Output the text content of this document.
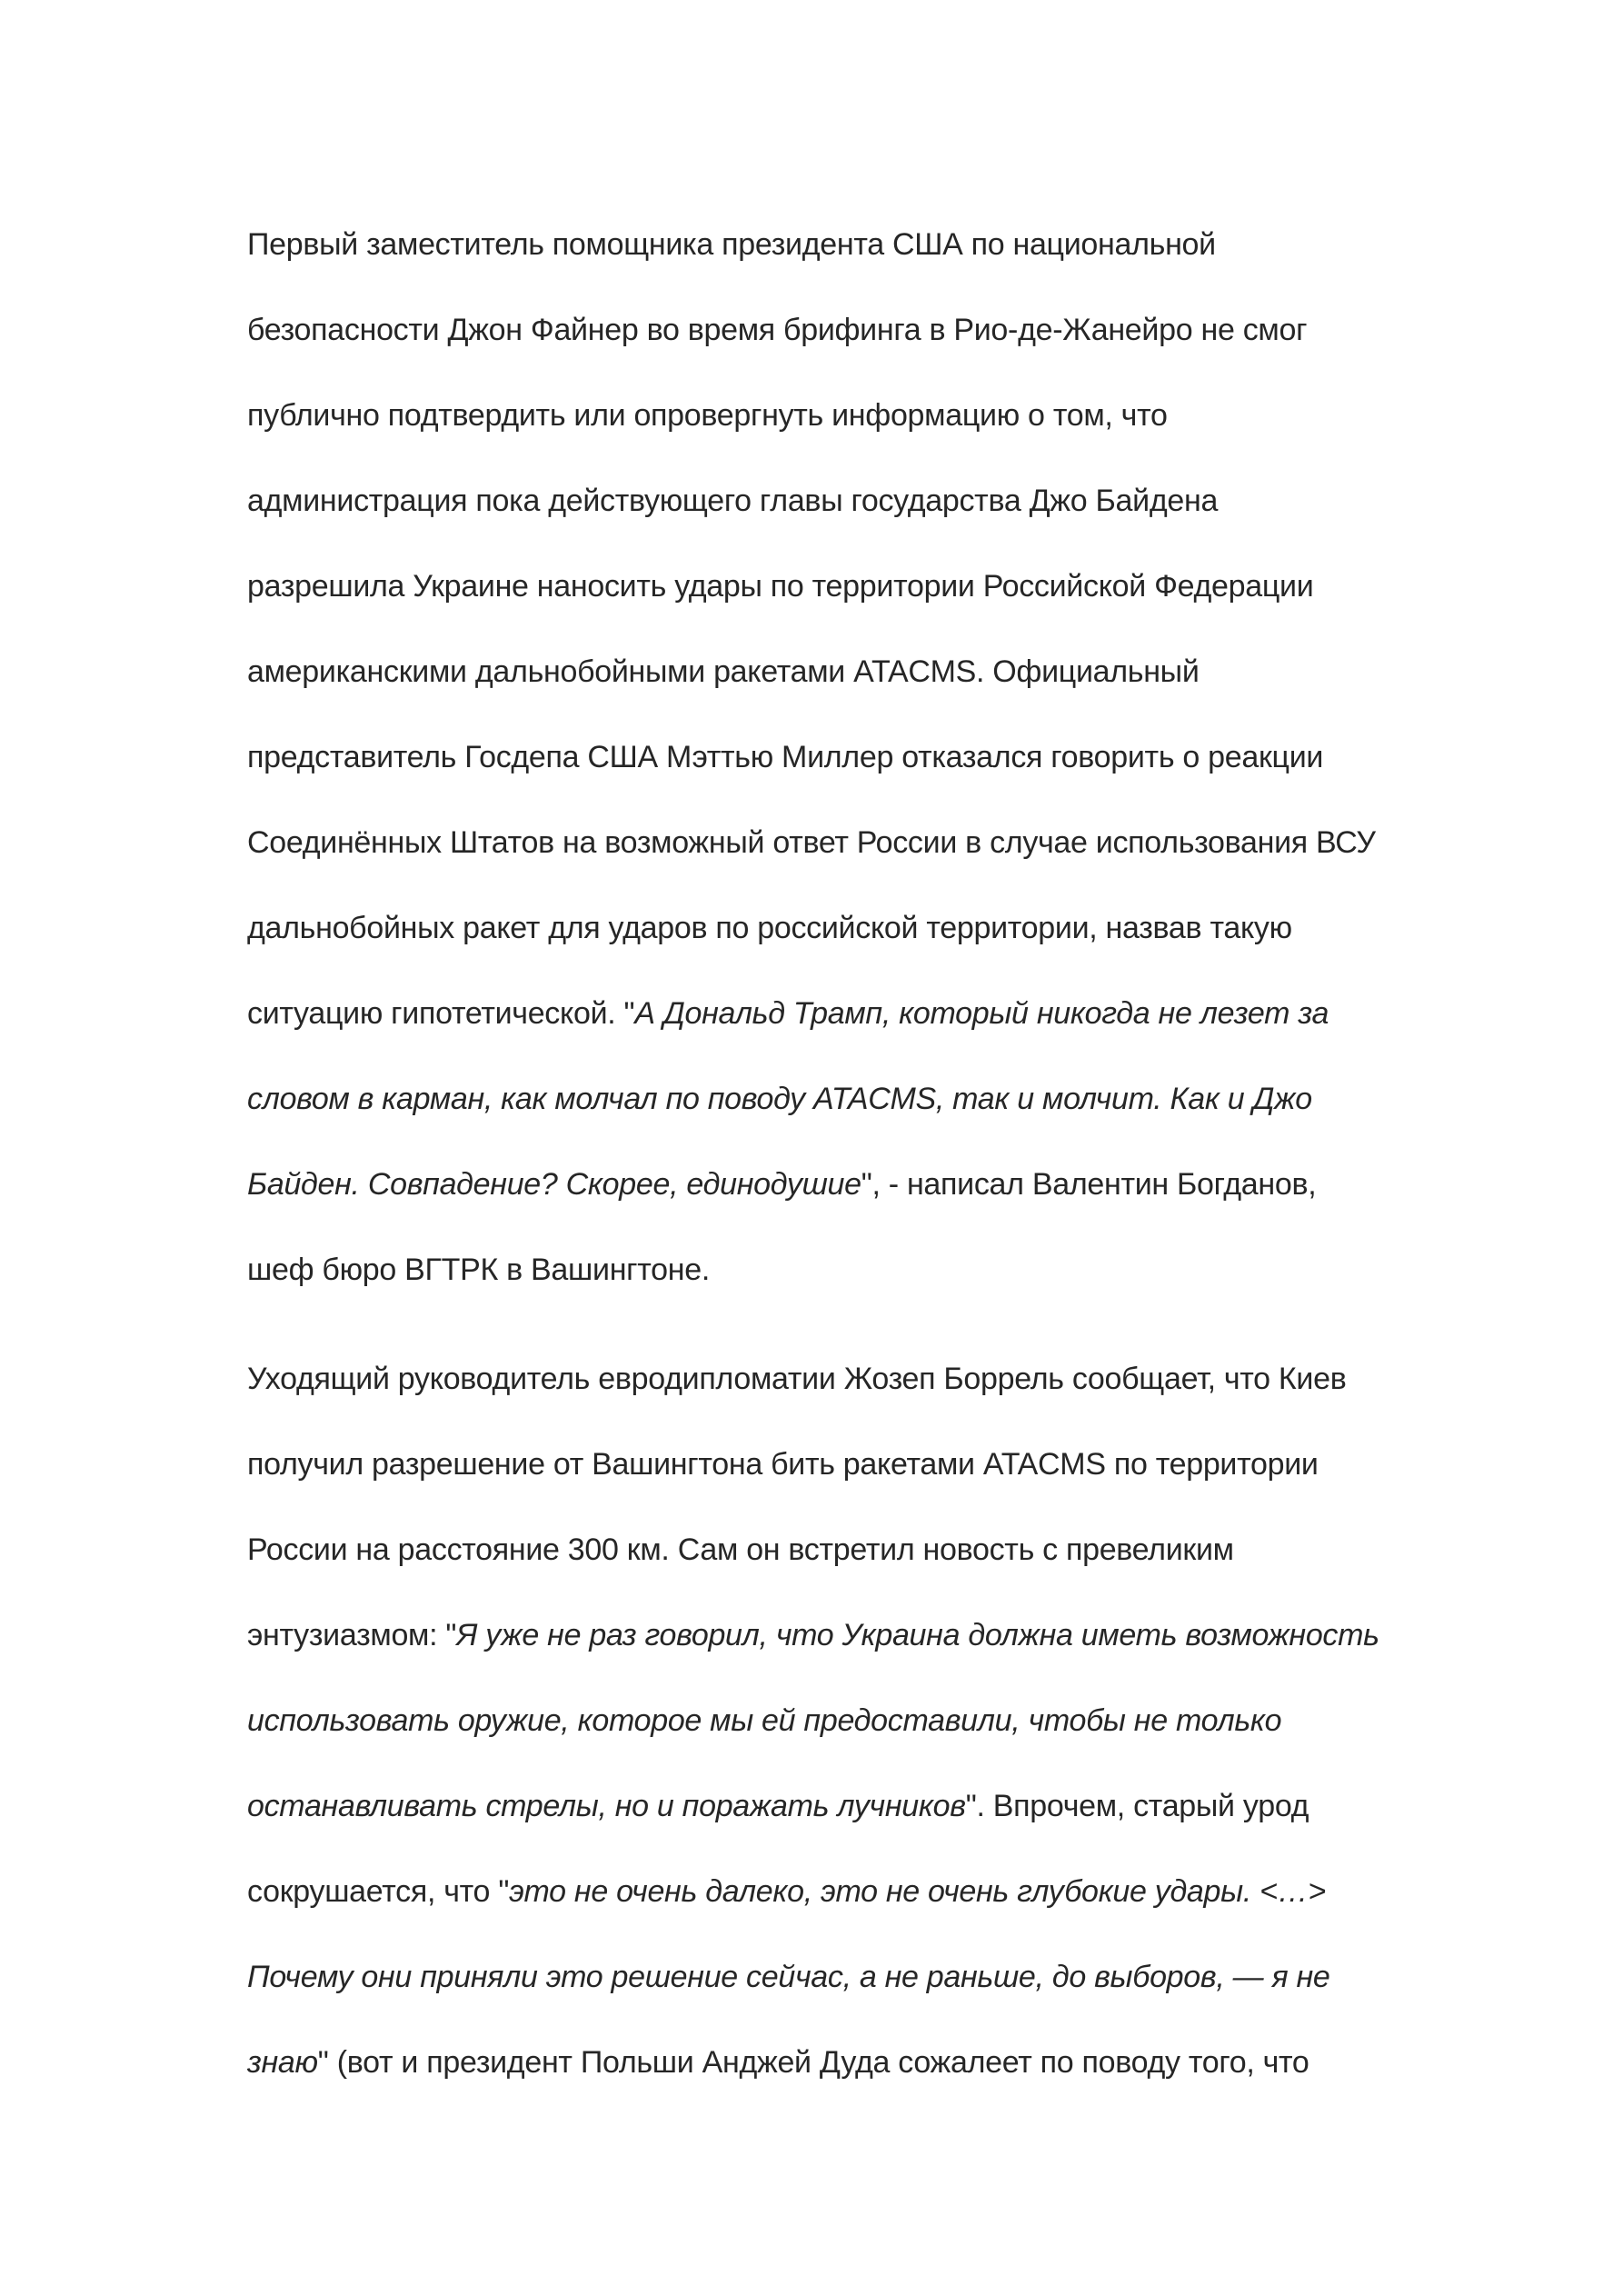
Первый заместитель помощника президента США по национальной
безопасности Джон Файнер во время брифинга в Рио-де-Жанейро не смог
публично подтвердить или опровергнуть информацию о том, что
администрация пока действующего главы государства Джо Байдена
разрешила Украине наносить удары по территории Российской Федерации
американскими дальнобойными ракетами ATACMS. Официальный
представитель Госдепа США Мэттью Миллер отказался говорить о реакции
Соединённых Штатов на возможный ответ России в случае использования ВСУ
дальнобойных ракет для ударов по российской территории, назвав такую
ситуацию гипотетической. "А Дональд Трамп, который никогда не лезет за
словом в карман, как молчал по поводу ATACMS, так и молчит. Как и Джо
Байден. Совпадение? Скорее, единодушие", - написал Валентин Богданов,
шеф бюро ВГТРК в Вашингтоне.
Уходящий руководитель евродипломатии Жозеп Боррель сообщает, что Киев
получил разрешение от Вашингтона бить ракетами ATACMS по территории
России на расстояние 300 км. Сам он встретил новость с превеликим
энтузиазмом: "Я уже не раз говорил, что Украина должна иметь возможность
использовать оружие, которое мы ей предоставили, чтобы не только
останавливать стрелы, но и поражать лучников". Впрочем, старый урод
сокрушается, что "это не очень далеко, это не очень глубокие удары. <…>
Почему они приняли это решение сейчас, а не раньше, до выборов, — я не
знаю" (вот и президент Польши Анджей Дуда сожалеет по поводу того, что
